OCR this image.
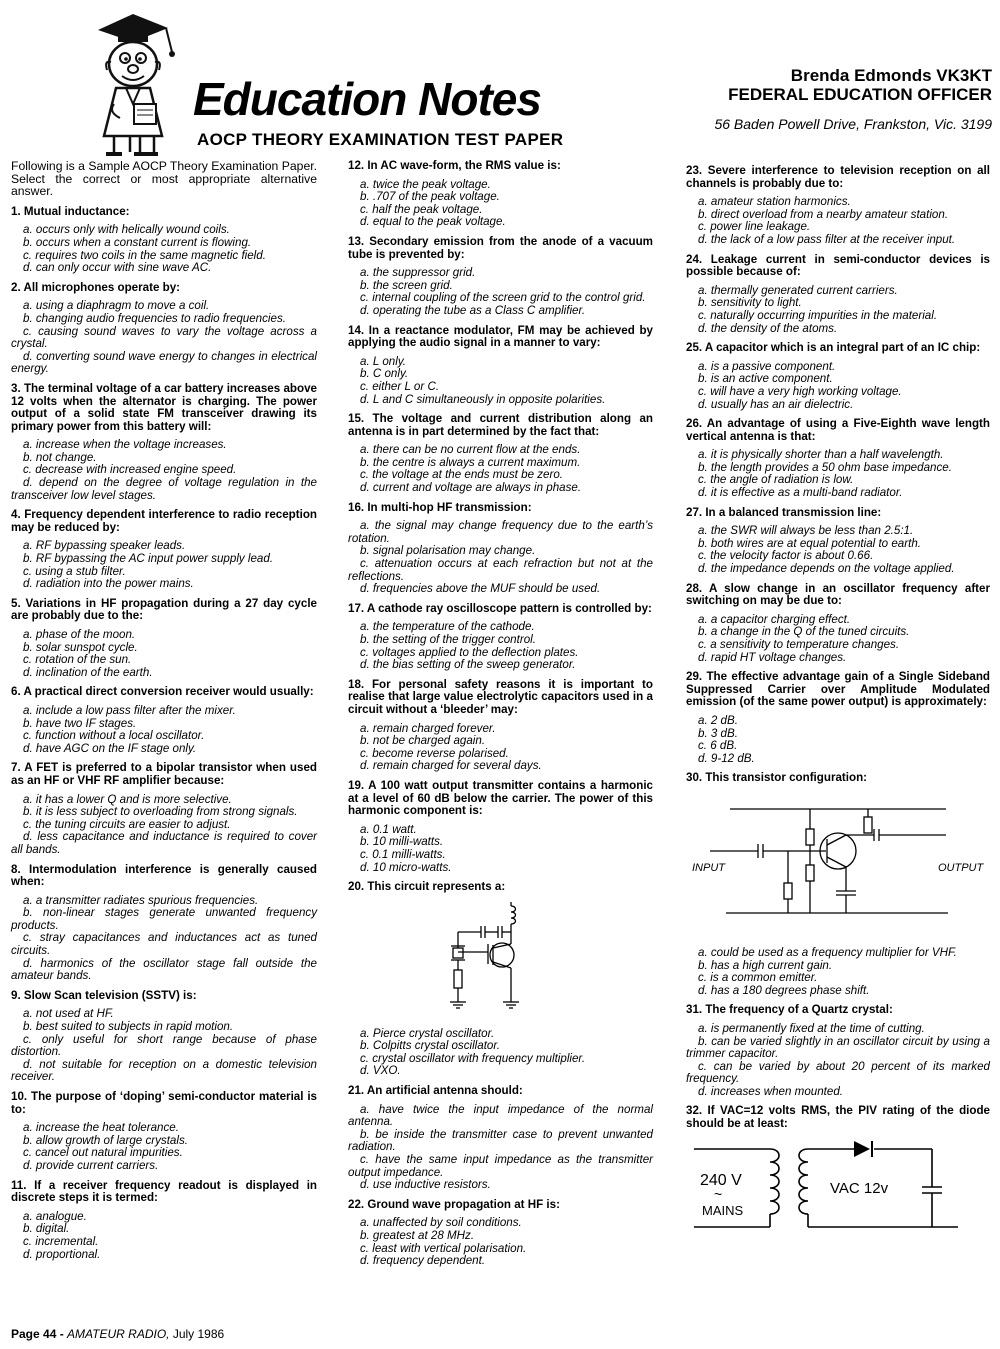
Education Notes
AOCP THEORY EXAMINATION TEST PAPER
Brenda Edmonds VK3KT
FEDERAL EDUCATION OFFICER
56 Baden Powell Drive, Frankston, Vic. 3199

Following is a Sample AOCP Theory Examination Paper. Select the correct or most appropriate alternative answer.

1. Mutual inductance:

a. occurs only with helically wound coils.
b. occurs when a constant current is flowing.
c. requires two coils in the same magnetic field.
d. can only occur with sine wave AC.

2. All microphones operate by:

a. using a diaphragm to move a coil.
b. changing audio frequencies to radio frequencies.
c. causing sound waves to vary the voltage across a crystal.
d. converting sound wave energy to changes in electrical energy.

3. The terminal voltage of a car battery increases above 12 volts when the alternator is charging. The power output of a solid state FM transceiver drawing its primary power from this battery will:

a. increase when the voltage increases.
b. not change.
c. decrease with increased engine speed.
d. depend on the degree of voltage regulation in the transceiver low level stages.

4. Frequency dependent interference to radio reception may be reduced by:

a. RF bypassing speaker leads.
b. RF bypassing the AC input power supply lead.
c. using a stub filter.
d. radiation into the power mains.

5. Variations in HF propagation during a 27 day cycle are probably due to the:

a. phase of the moon.
b. solar sunspot cycle.
c. rotation of the sun.
d. inclination of the earth.

6. A practical direct conversion receiver would usually:

a. include a low pass filter after the mixer.
b. have two IF stages.
c. function without a local oscillator.
d. have AGC on the IF stage only.

7. A FET is preferred to a bipolar transistor when used as an HF or VHF RF amplifier because:

a. it has a lower Q and is more selective.
b. it is less subject to overloading from strong signals.
c. the tuning circuits are easier to adjust.
d. less capacitance and inductance is required to cover all bands.

8. Intermodulation interference is generally caused when:

a. a transmitter radiates spurious frequencies.
b. non-linear stages generate unwanted frequency products.
c. stray capacitances and inductances act as tuned circuits.
d. harmonics of the oscillator stage fall outside the amateur bands.

9. Slow Scan television (SSTV) is:

a. not used at HF.
b. best suited to subjects in rapid motion.
c. only useful for short range because of phase distortion.
d. not suitable for reception on a domestic television receiver.

10. The purpose of ‘doping’ semi-conductor material is to:

a. increase the heat tolerance.
b. allow growth of large crystals.
c. cancel out natural impurities.
d. provide current carriers.

11. If a receiver frequency readout is displayed in discrete steps it is termed:

a. analogue.
b. digital.
c. incremental.
d. proportional.

12. In AC wave-form, the RMS value is:

a. twice the peak voltage.
b. .707 of the peak voltage.
c. half the peak voltage.
d. equal to the peak voltage.

13. Secondary emission from the anode of a vacuum tube is prevented by:

a. the suppressor grid.
b. the screen grid.
c. internal coupling of the screen grid to the control grid.
d. operating the tube as a Class C amplifier.

14. In a reactance modulator, FM may be achieved by applying the audio signal in a manner to vary:

a. L only.
b. C only.
c. either L or C.
d. L and C simultaneously in opposite polarities.

15. The voltage and current distribution along an antenna is in part determined by the fact that:

a. there can be no current flow at the ends.
b. the centre is always a current maximum.
c. the voltage at the ends must be zero.
d. current and voltage are always in phase.

16. In multi-hop HF transmission:

a. the signal may change frequency due to the earth’s rotation.
b. signal polarisation may change.
c. attenuation occurs at each refraction but not at the reflections.
d. frequencies above the MUF should be used.

17. A cathode ray oscilloscope pattern is controlled by:

a. the temperature of the cathode.
b. the setting of the trigger control.
c. voltages applied to the deflection plates.
d. the bias setting of the sweep generator.

18. For personal safety reasons it is important to realise that large value electrolytic capacitors used in a circuit without a ‘bleeder’ may:

a. remain charged forever.
b. not be charged again.
c. become reverse polarised.
d. remain charged for several days.

19. A 100 watt output transmitter contains a harmonic at a level of 60 dB below the carrier. The power of this harmonic component is:

a. 0.1 watt.
b. 10 milli-watts.
c. 0.1 milli-watts.
d. 10 micro-watts.

20. This circuit represents a:

a. Pierce crystal oscillator.
b. Colpitts crystal oscillator.
c. crystal oscillator with frequency multiplier.
d. VXO.

21. An artificial antenna should:

a. have twice the input impedance of the normal antenna.
b. be inside the transmitter case to prevent unwanted radiation.
c. have the same input impedance as the transmitter output impedance.
d. use inductive resistors.

22. Ground wave propagation at HF is:

a. unaffected by soil conditions.
b. greatest at 28 MHz.
c. least with vertical polarisation.
d. frequency dependent.

23. Severe interference to television reception on all channels is probably due to:

a. amateur station harmonics.
b. direct overload from a nearby amateur station.
c. power line leakage.
d. the lack of a low pass filter at the receiver input.

24. Leakage current in semi-conductor devices is possible because of:

a. thermally generated current carriers.
b. sensitivity to light.
c. naturally occurring impurities in the material.
d. the density of the atoms.

25. A capacitor which is an integral part of an IC chip:

a. is a passive component.
b. is an active component.
c. will have a very high working voltage.
d. usually has an air dielectric.

26. An advantage of using a Five-Eighth wave length vertical antenna is that:

a. it is physically shorter than a half wavelength.
b. the length provides a 50 ohm base impedance.
c. the angle of radiation is low.
d. it is effective as a multi-band radiator.

27. In a balanced transmission line:

a. the SWR will always be less than 2.5:1.
b. both wires are at equal potential to earth.
c. the velocity factor is about 0.66.
d. the impedance depends on the voltage applied.

28. A slow change in an oscillator frequency after switching on may be due to:

a. a capacitor charging effect.
b. a change in the Q of the tuned circuits.
c. a sensitivity to temperature changes.
d. rapid HT voltage changes.

29. The effective advantage gain of a Single Sideband Suppressed Carrier over Amplitude Modulated emission (of the same power output) is approximately:

a. 2 dB.
b. 3 dB.
c. 6 dB.
d. 9-12 dB.

30. This transistor configuration:

INPUT	OUTPUT
a. could be used as a frequency multiplier for VHF.
b. has a high current gain.
c. is a common emitter.
d. has a 180 degrees phase shift.

31. The frequency of a Quartz crystal:

a. is permanently fixed at the time of cutting.
b. can be varied slightly in an oscillator circuit by using a trimmer capacitor.
c. can be varied by about 20 percent of its marked frequency.
d. increases when mounted.

32. If VAC=12 volts RMS, the PIV rating of the diode should be at least:

240 V
~
MAINS
VAC 12v
Page 44 - AMATEUR RADIO, July 1986
